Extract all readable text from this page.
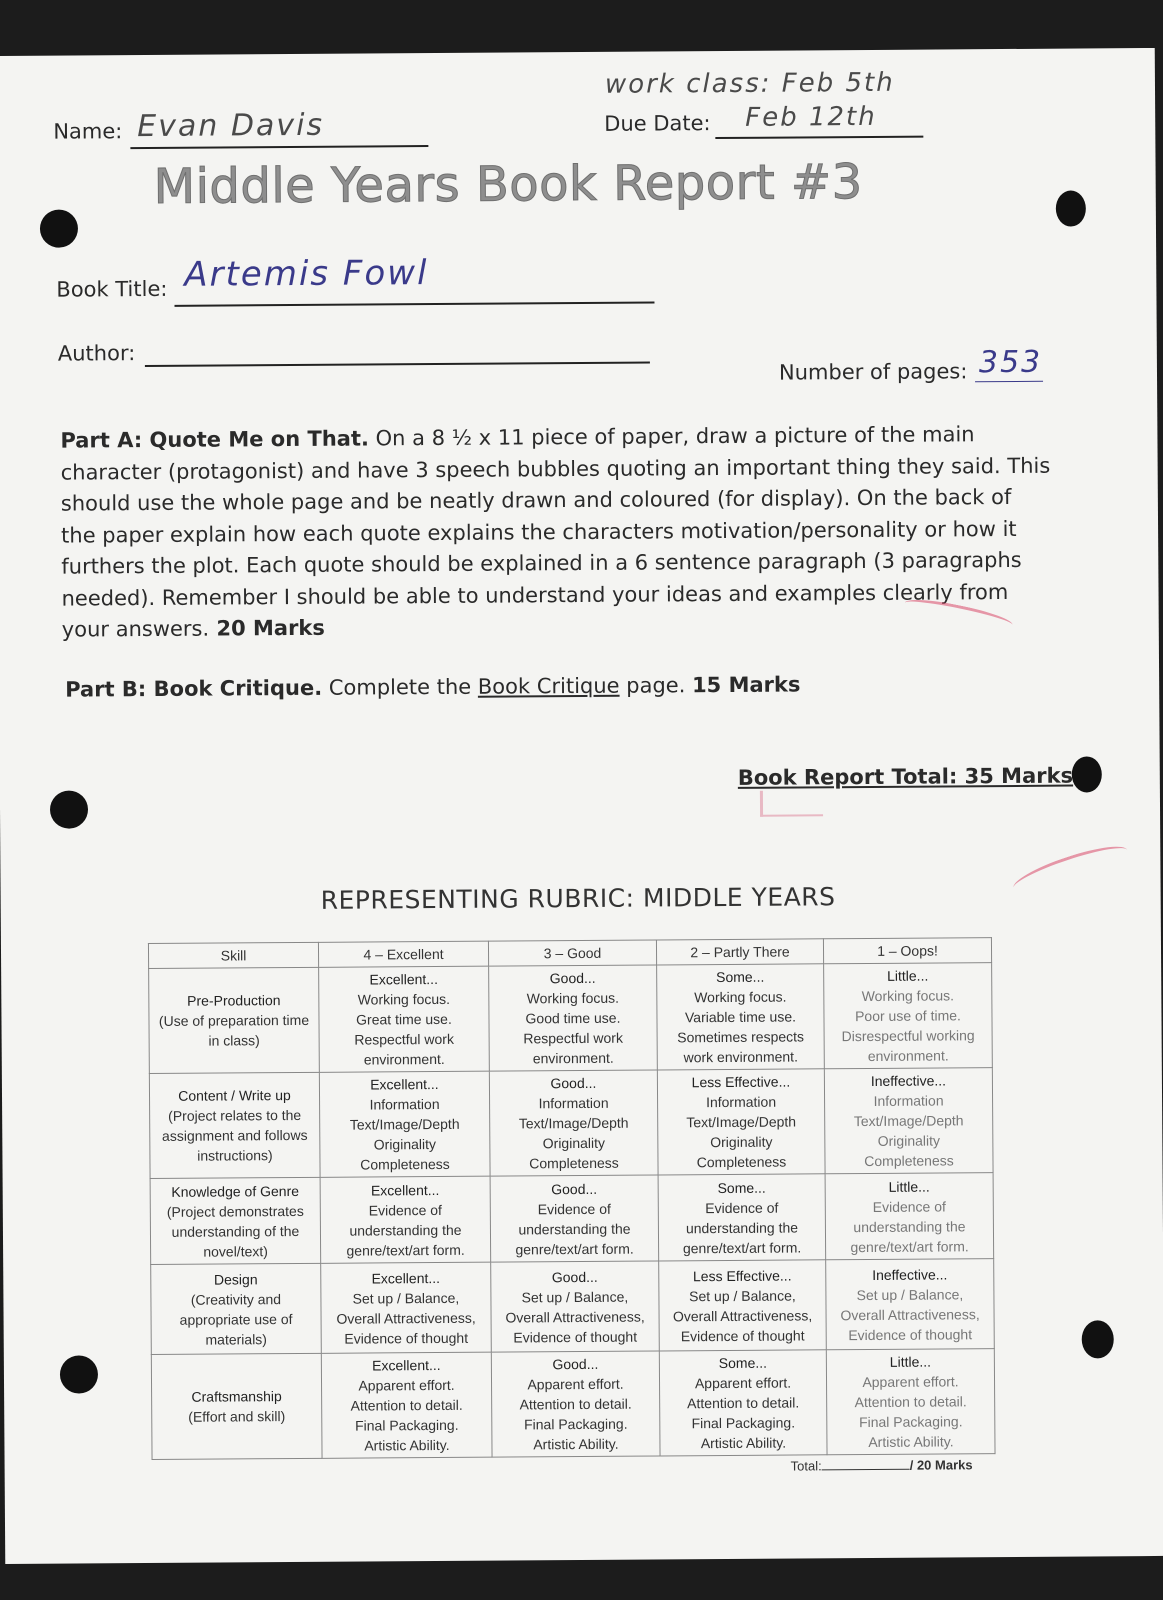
Name: Evan Davis
work class: Feb 5th
Due Date: Feb 12th
Middle Years Book Report #3
Book Title: Artemis Fowl
Author:
Number of pages: 353
Part A: Quote Me on That. On a 8 ½ x 11 piece of paper, draw a picture of the main character (protagonist) and have 3 speech bubbles quoting an important thing they said. This should use the whole page and be neatly drawn and coloured (for display). On the back of the paper explain how each quote explains the characters motivation/personality or how it furthers the plot. Each quote should be explained in a 6 sentence paragraph (3 paragraphs needed). Remember I should be able to understand your ideas and examples clearly from your answers. 20 Marks
Part B: Book Critique. Complete the Book Critique page. 15 Marks
Book Report Total: 35 Marks
REPRESENTING RUBRIC: MIDDLE YEARS
Skill	4 – Excellent	3 – Good	2 – Partly There	1 – Oops!

Pre-Production
(Use of preparation time in class)	Excellent...
Working focus.
Great time use.
Respectful work environment.	Good...
Working focus.
Good time use.
Respectful work environment.	Some...
Working focus.
Variable time use.
Sometimes respects work environment.	Little...
Working focus.
Poor use of time.
Disrespectful working environment.

Content / Write up
(Project relates to the assignment and follows instructions)	Excellent...
Information
Text/Image/Depth
Originality
Completeness	Good...
Information
Text/Image/Depth
Originality
Completeness	Less Effective...
Information
Text/Image/Depth
Originality
Completeness	Ineffective...
Information
Text/Image/Depth
Originality
Completeness

Knowledge of Genre
(Project demonstrates understanding of the novel/text)	Excellent...
Evidence of
understanding the
genre/text/art form.	Good...
Evidence of
understanding the
genre/text/art form.	Some...
Evidence of
understanding the
genre/text/art form.	Little...
Evidence of
understanding the
genre/text/art form.

Design
(Creativity and appropriate use of materials)	Excellent...
Set up / Balance,
Overall Attractiveness,
Evidence of thought	Good...
Set up / Balance,
Overall Attractiveness,
Evidence of thought	Less Effective...
Set up / Balance,
Overall Attractiveness,
Evidence of thought	Ineffective...
Set up / Balance,
Overall Attractiveness,
Evidence of thought

Craftsmanship
(Effort and skill)	Excellent...
Apparent effort.
Attention to detail.
Final Packaging.
Artistic Ability.	Good...
Apparent effort.
Attention to detail.
Final Packaging.
Artistic Ability.	Some...
Apparent effort.
Attention to detail.
Final Packaging.
Artistic Ability.	Little...
Apparent effort.
Attention to detail.
Final Packaging.
Artistic Ability.
Total:	/ 20 Marks
